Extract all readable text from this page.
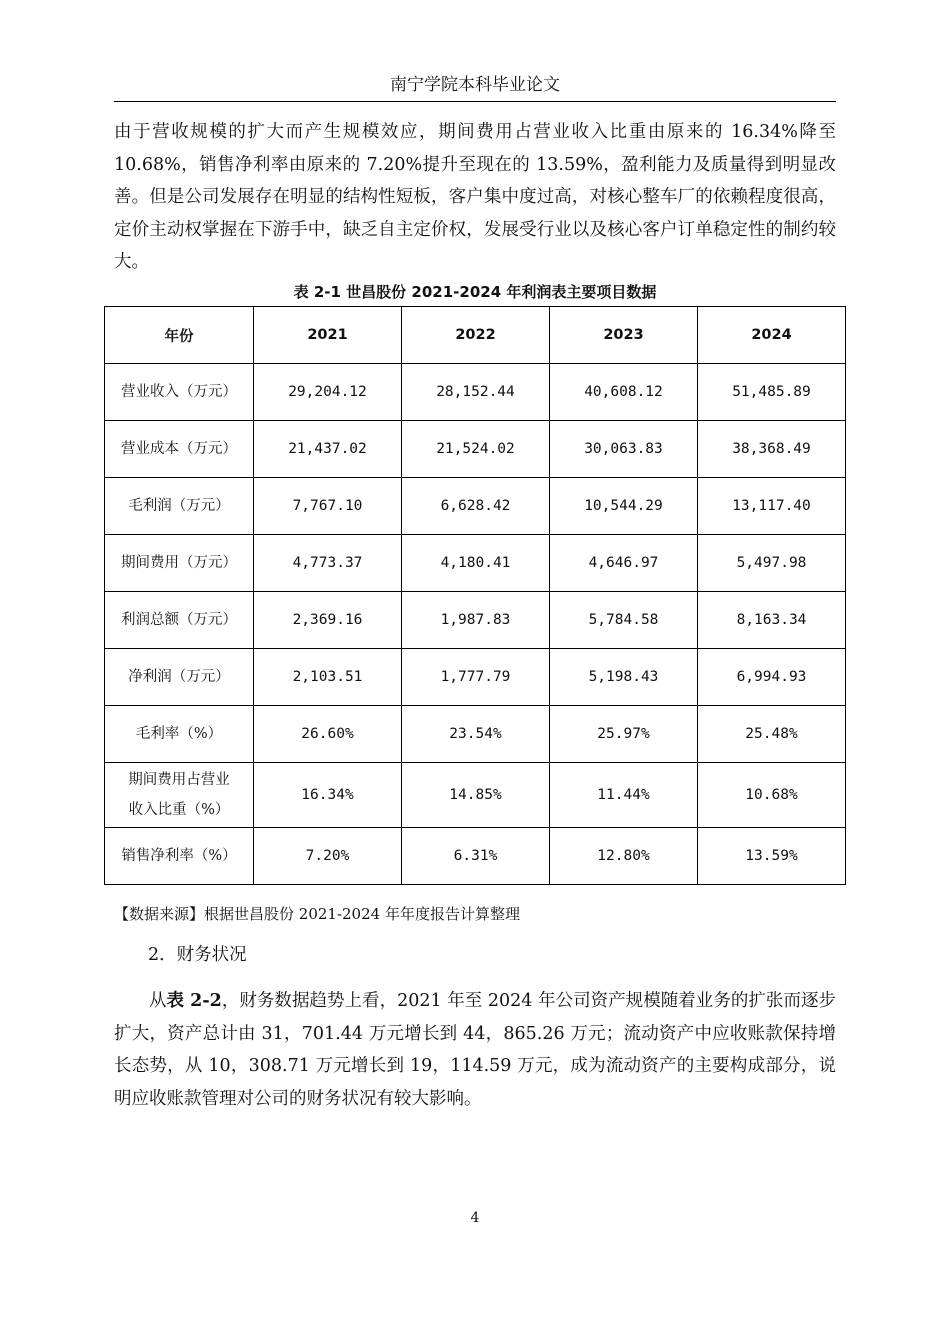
南宁学院本科毕业论文

由于营收规模的扩大而产生规模效应，期间费用占营业收入比重由原来的 16.34%降至 10.68%，销售净利率由原来的 7.20%提升至现在的 13.59%，盈利能力及质量得到明显改善。但是公司发展存在明显的结构性短板，客户集中度过高，对核心整车厂的依赖程度很高，定价主动权掌握在下游手中，缺乏自主定价权，发展受行业以及核心客户订单稳定性的制约较大。

表 2-1 世昌股份 2021-2024 年利润表主要项目数据
年份	2021	2022	2023	2024
营业收入（万元）	29,204.12	28,152.44	40,608.12	51,485.89
营业成本（万元）	21,437.02	21,524.02	30,063.83	38,368.49
毛利润（万元）	7,767.10	6,628.42	10,544.29	13,117.40
期间费用（万元）	4,773.37	4,180.41	4,646.97	5,497.98
利润总额（万元）	2,369.16	1,987.83	5,784.58	8,163.34
净利润（万元）	2,103.51	1,777.79	5,198.43	6,994.93
毛利率（%）	26.60%	23.54%	25.97%	25.48%

期间费用占营业
收入比重（%）	16.34%	14.85%	11.44%	10.68%
销售净利率（%）	7.20%	6.31%	12.80%	13.59%
【数据来源】根据世昌股份 2021-2024 年年度报告计算整理
2．财务状况

从表 2-2，财务数据趋势上看，2021 年至 2024 年公司资产规模随着业务的扩张而逐步扩大，资产总计由 31，701.44 万元增长到 44，865.26 万元；流动资产中应收账款保持增长态势，从 10，308.71 万元增长到 19，114.59 万元，成为流动资产的主要构成部分，说明应收账款管理对公司的财务状况有较大影响。

4
